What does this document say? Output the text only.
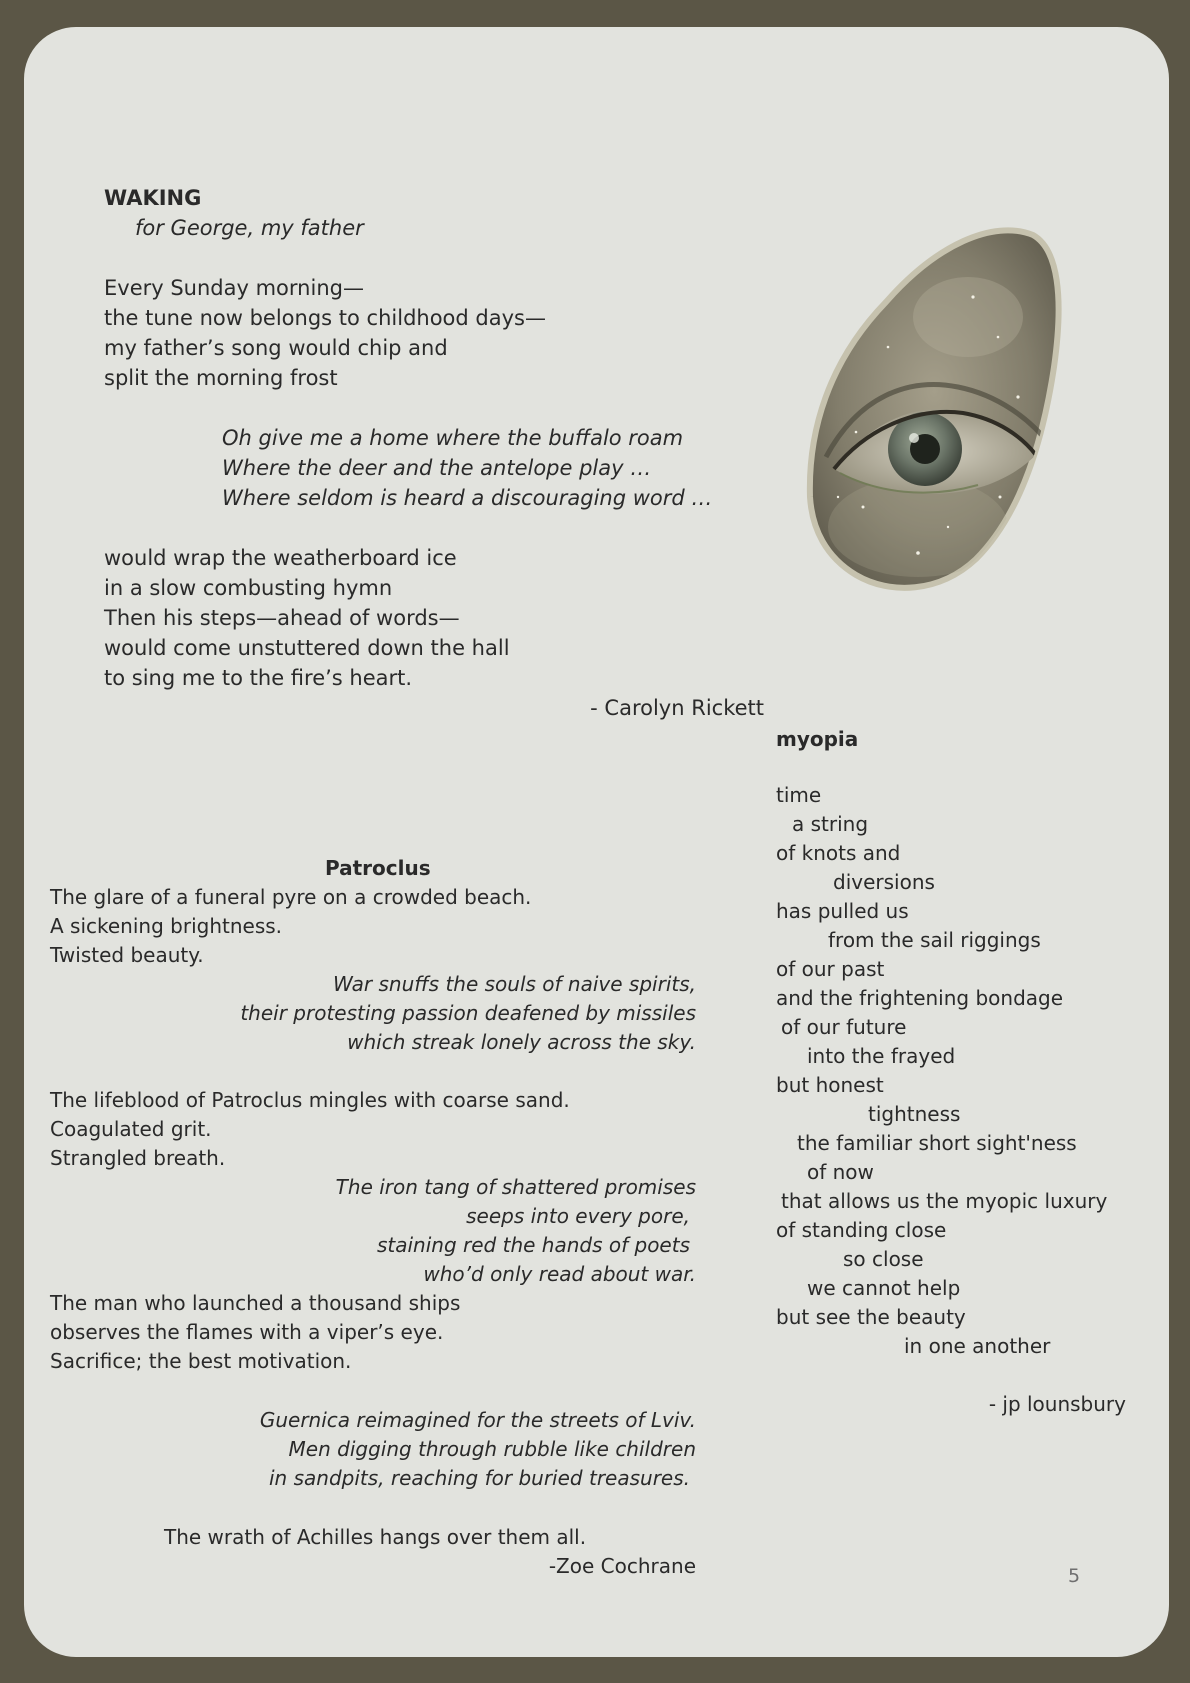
WAKING
for George, my father
Every Sunday morning—
the tune now belongs to childhood days—
my father’s song would chip and
split the morning frost
Oh give me a home where the buffalo roam
Where the deer and the antelope play …
Where seldom is heard a discouraging word …
would wrap the weatherboard ice
in a slow combusting hymn
Then his steps—ahead of words—
would come unstuttered down the hall
to sing me to the fire’s heart.
- Carolyn Rickett
myopia
time
a string
of knots and
diversions
has pulled us
from the sail riggings
of our past
and the frightening bondage
of our future
into the frayed
but honest
tightness
the familiar short sight'ness
of now
that allows us the myopic luxury
of standing close
so close
we cannot help
but see the beauty
in one another
- jp lounsbury
Patroclus
The glare of a funeral pyre on a crowded beach.
A sickening brightness.
Twisted beauty.
War snuffs the souls of naive spirits,
their protesting passion deafened by missiles
which streak lonely across the sky.
The lifeblood of Patroclus mingles with coarse sand.
Coagulated grit.
Strangled breath.
The iron tang of shattered promises
seeps into every pore,
staining red the hands of poets
who’d only read about war.
The man who launched a thousand ships
observes the flames with a viper’s eye.
Sacrifice; the best motivation.
Guernica reimagined for the streets of Lviv.
Men digging through rubble like children
in sandpits, reaching for buried treasures.
The wrath of Achilles hangs over them all.
-Zoe Cochrane	5
